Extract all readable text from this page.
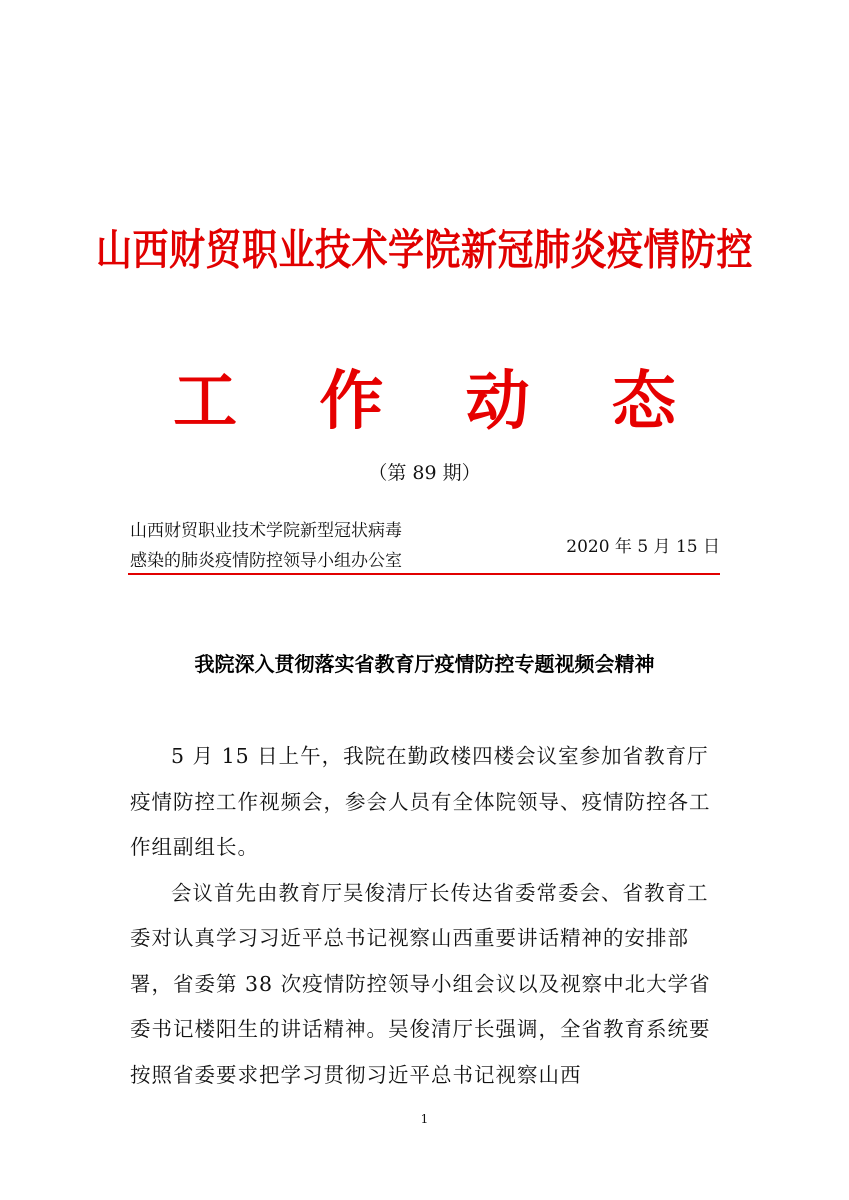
山西财贸职业技术学院新冠肺炎疫情防控
工 作 动 态
（第 89 期）
山西财贸职业技术学院新型冠状病毒
感染的肺炎疫情防控领导小组办公室
2020 年 5 月 15 日
我院深入贯彻落实省教育厅疫情防控专题视频会精神

5 月 15 日上午，我院在勤政楼四楼会议室参加省教育厅疫情防控工作视频会，参会人员有全体院领导、疫情防控各工作组副组长。

会议首先由教育厅吴俊清厅长传达省委常委会、省教育工委对认真学习习近平总书记视察山西重要讲话精神的安排部署，省委第 38 次疫情防控领导小组会议以及视察中北大学省委书记楼阳生的讲话精神。吴俊清厅长强调，全省教育系统要按照省委要求把学习贯彻习近平总书记视察山西

1
